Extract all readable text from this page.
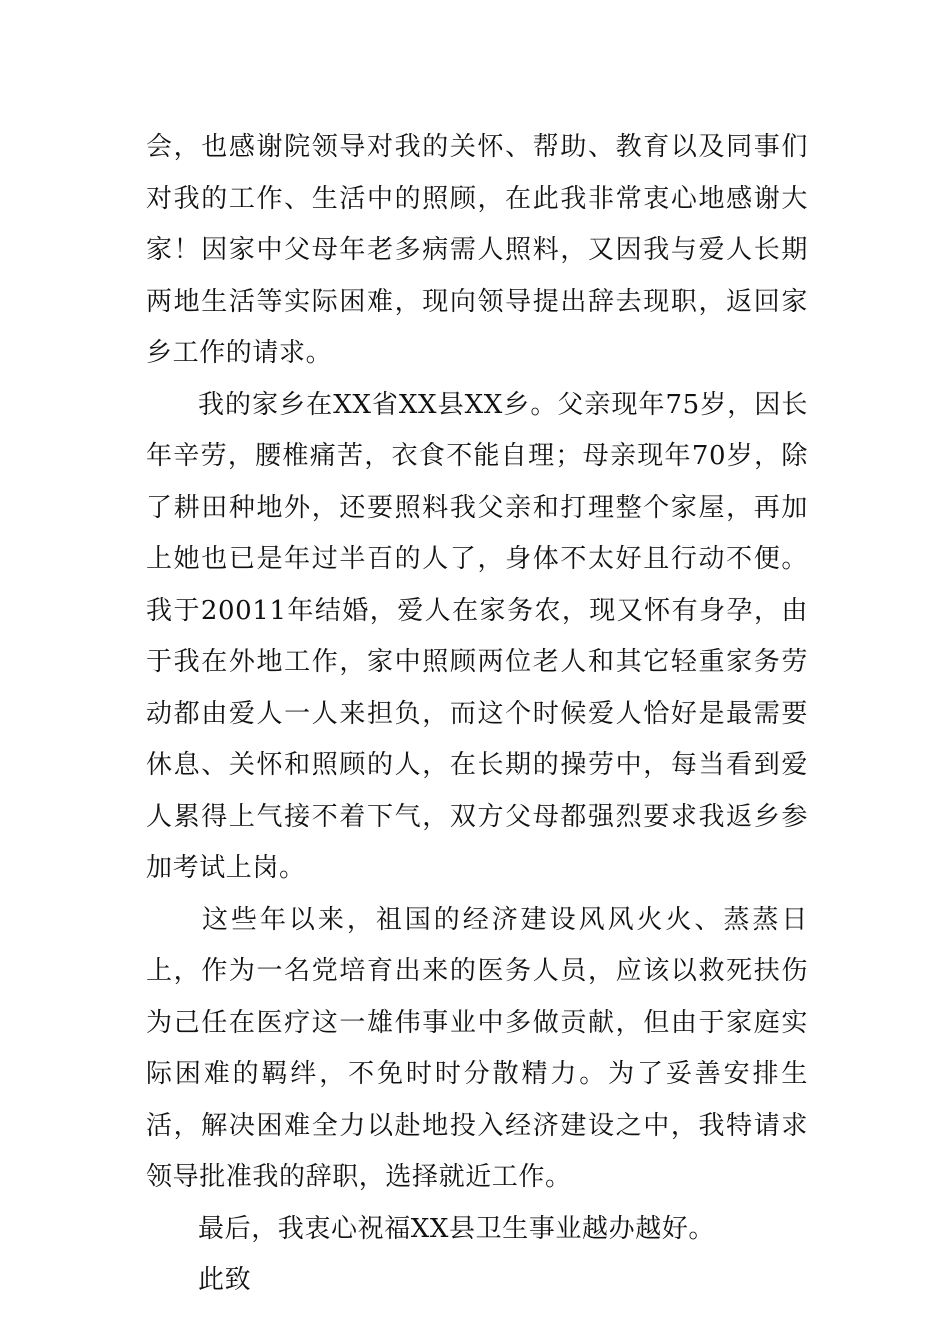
会，也感谢院领导对我的关怀、帮助、教育以及同事们对我的工作、生活中的照顾，在此我非常衷心地感谢大家！因家中父母年老多病需人照料，又因我与爱人长期两地生活等实际困难，现向领导提出辞去现职，返回家乡工作的请求。

我的家乡在XX省XX县XX乡。父亲现年75岁，因长年辛劳，腰椎痛苦，衣食不能自理；母亲现年70岁，除了耕田种地外，还要照料我父亲和打理整个家屋，再加上她也已是年过半百的人了，身体不太好且行动不便。我于20011年结婚，爱人在家务农，现又怀有身孕，由于我在外地工作，家中照顾两位老人和其它轻重家务劳动都由爱人一人来担负，而这个时候爱人恰好是最需要休息、关怀和照顾的人，在长期的操劳中，每当看到爱人累得上气接不着下气，双方父母都强烈要求我返乡参加考试上岗。

这些年以来，祖国的经济建设风风火火、蒸蒸日上，作为一名党培育出来的医务人员，应该以救死扶伤为己任在医疗这一雄伟事业中多做贡献，但由于家庭实际困难的羁绊，不免时时分散精力。为了妥善安排生活，解决困难全力以赴地投入经济建设之中，我特请求领导批准我的辞职，选择就近工作。

最后，我衷心祝福XX县卫生事业越办越好。

此致
